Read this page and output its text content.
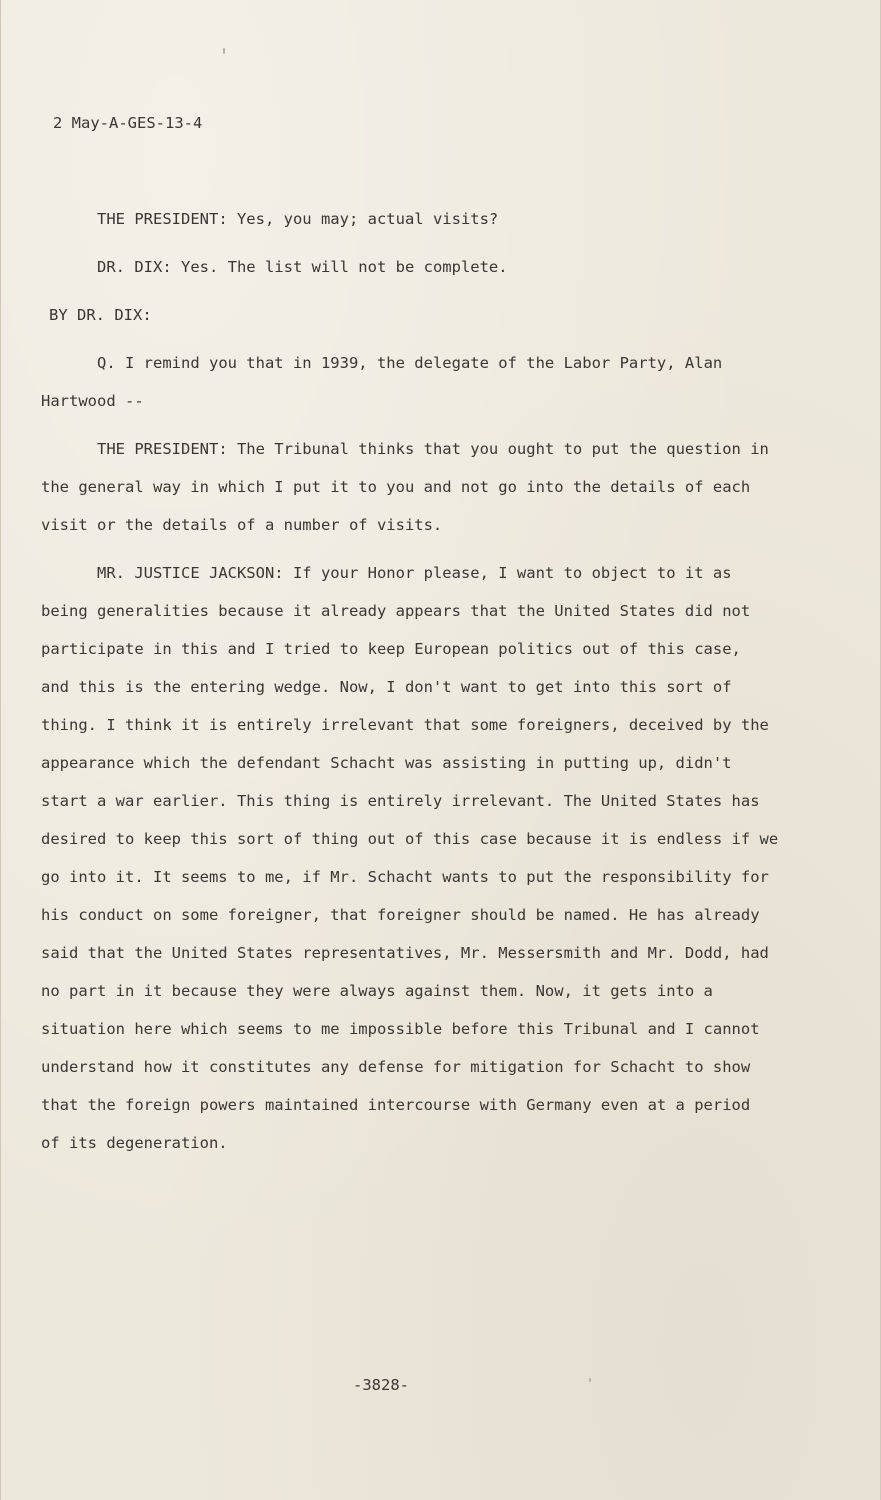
2 May-A-GES-13-4
THE PRESIDENT: Yes, you may; actual visits?
DR. DIX: Yes. The list will not be complete.
BY DR. DIX:
Q. I remind you that in 1939, the delegate of the Labor Party, Alan
Hartwood --
THE PRESIDENT: The Tribunal thinks that you ought to put the question in
the general way in which I put it to you and not go into the details of each
visit or the details of a number of visits.
MR. JUSTICE JACKSON: If your Honor please, I want to object to it as
being generalities because it already appears that the United States did not
participate in this and I tried to keep European politics out of this case,
and this is the entering wedge. Now, I don't want to get into this sort of
thing. I think it is entirely irrelevant that some foreigners, deceived by the
appearance which the defendant Schacht was assisting in putting up, didn't
start a war earlier. This thing is entirely irrelevant. The United States has
desired to keep this sort of thing out of this case because it is endless if we
go into it. It seems to me, if Mr. Schacht wants to put the responsibility for
his conduct on some foreigner, that foreigner should be named. He has already
said that the United States representatives, Mr. Messersmith and Mr. Dodd, had
no part in it because they were always against them. Now, it gets into a
situation here which seems to me impossible before this Tribunal and I cannot
understand how it constitutes any defense for mitigation for Schacht to show
that the foreign powers maintained intercourse with Germany even at a period
of its degeneration.
-3828-
